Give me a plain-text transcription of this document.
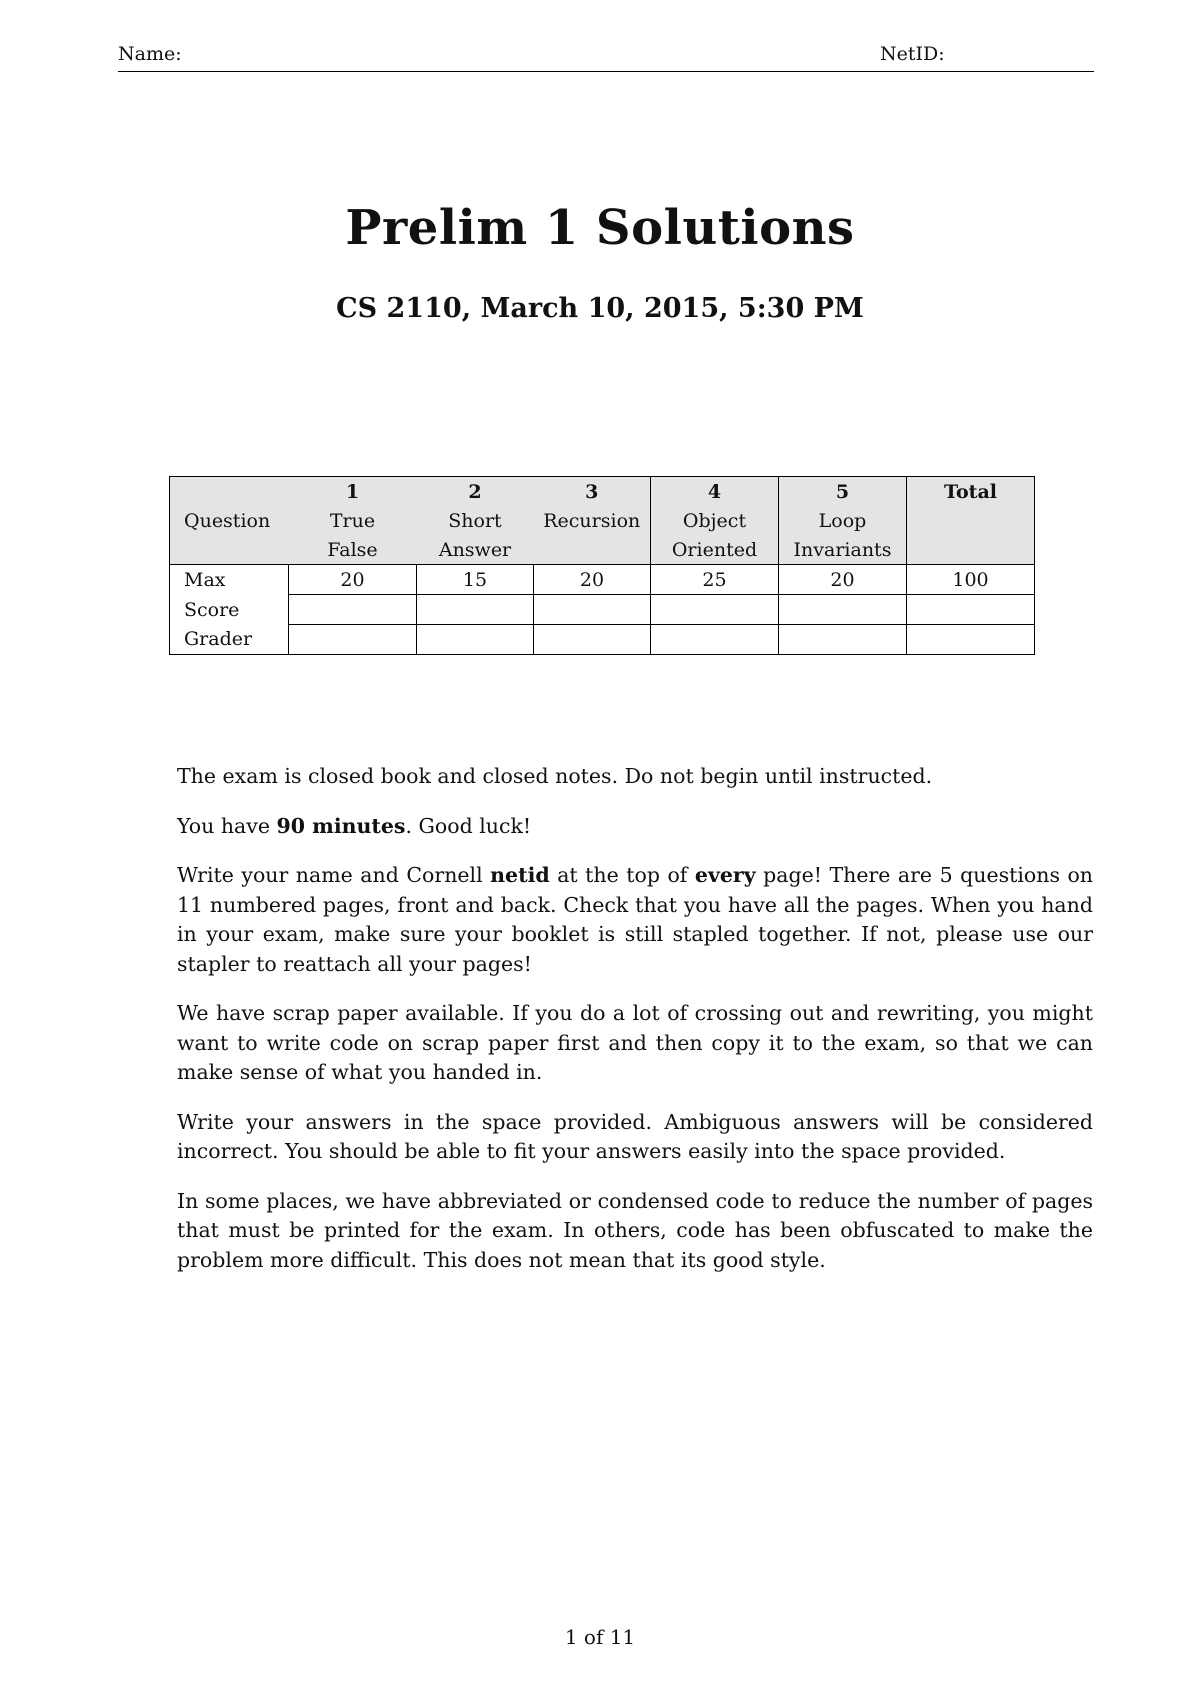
Name:	NetID:
Prelim 1 Solutions
CS 2110, March 10, 2015, 5:30 PM
	1	2	3	4	5	Total
Question	True	Short	Recursion	Object	Loop	
	False	Answer		Oriented	Invariants	
Max	20	15	20	25	20	100
Score						
Grader						

The exam is closed book and closed notes. Do not begin until instructed.

You have 90 minutes. Good luck!

Write your name and Cornell netid at the top of every page! There are 5 questions on 11 numbered pages, front and back. Check that you have all the pages. When you hand in your exam, make sure your booklet is still stapled together. If not, please use our stapler to reattach all your pages!

We have scrap paper available. If you do a lot of crossing out and rewriting, you might want to write code on scrap paper first and then copy it to the exam, so that we can make sense of what you handed in.

Write your answers in the space provided. Ambiguous answers will be considered incorrect. You should be able to fit your answers easily into the space provided.

In some places, we have abbreviated or condensed code to reduce the number of pages that must be printed for the exam. In others, code has been obfuscated to make the problem more difficult. This does not mean that its good style.

1 of 11
